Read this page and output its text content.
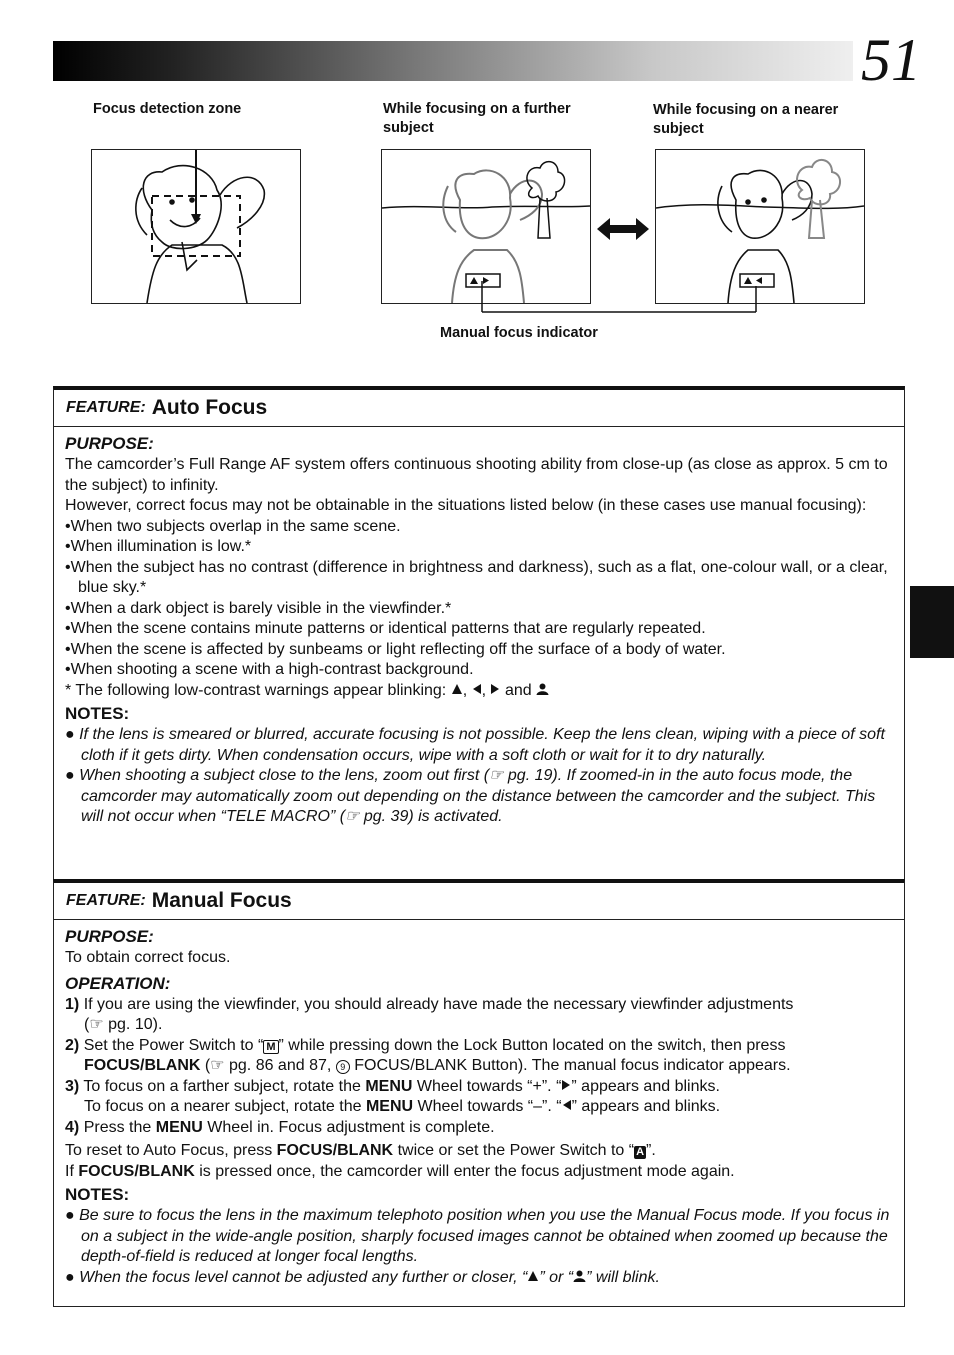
51
Focus detection zone	While focusing on a further subject
While focusing on a nearer subject
Manual focus indicator
FEATURE: Auto Focus
PURPOSE:
The camcorder’s Full Range AF system offers continuous shooting ability from close-up (as close as approx. 5 cm to the subject) to infinity.
However, correct focus may not be obtainable in the situations listed below (in these cases use manual focusing):
•When two subjects overlap in the same scene.
•When illumination is low.*
•When the subject has no contrast (difference in brightness and darkness), such as a flat, one-colour wall, or a clear, blue sky.*
•When a dark object is barely visible in the viewfinder.*
•When the scene contains minute patterns or identical patterns that are regularly repeated.
•When the scene is affected by sunbeams or light reflecting off the surface of a body of water.
•When shooting a scene with a high-contrast background.
* The following low-contrast warnings appear blinking: , ,  and
NOTES:
● If the lens is smeared or blurred, accurate focusing is not possible. Keep the lens clean, wiping with a piece of soft cloth if it gets dirty. When condensation occurs, wipe with a soft cloth or wait for it to dry naturally.
● When shooting a subject close to the lens, zoom out first (☞ pg. 19). If zoomed-in in the auto focus mode, the camcorder may automatically zoom out depending on the distance between the camcorder and the subject. This will not occur when “TELE MACRO” (☞ pg. 39) is activated.
FEATURE: Manual Focus
PURPOSE:
To obtain correct focus.
OPERATION:
1) If you are using the viewfinder, you should already have made the necessary viewfinder adjustments
(☞ pg. 10).
2) Set the Power Switch to “ M ” while pressing down the Lock Button located on the switch, then press
FOCUS/BLANK (☞ pg. 86 and 87, 9 FOCUS/BLANK Button). The manual focus indicator appears.
3) To focus on a farther subject, rotate the MENU Wheel towards “+”. “ ” appears and blinks.
To focus on a nearer subject, rotate the MENU Wheel towards “–”. “ ” appears and blinks.
4) Press the MENU Wheel in. Focus adjustment is complete.
To reset to Auto Focus, press FOCUS/BLANK twice or set the Power Switch to “ A ”.
If FOCUS/BLANK is pressed once, the camcorder will enter the focus adjustment mode again.
NOTES:
● Be sure to focus the lens in the maximum telephoto position when you use the Manual Focus mode. If you focus in on a subject in the wide-angle position, sharply focused images cannot be obtained when zoomed up because the depth-of-field is reduced at longer focal lengths.
● When the focus level cannot be adjusted any further or closer, “ ” or “ ” will blink.
